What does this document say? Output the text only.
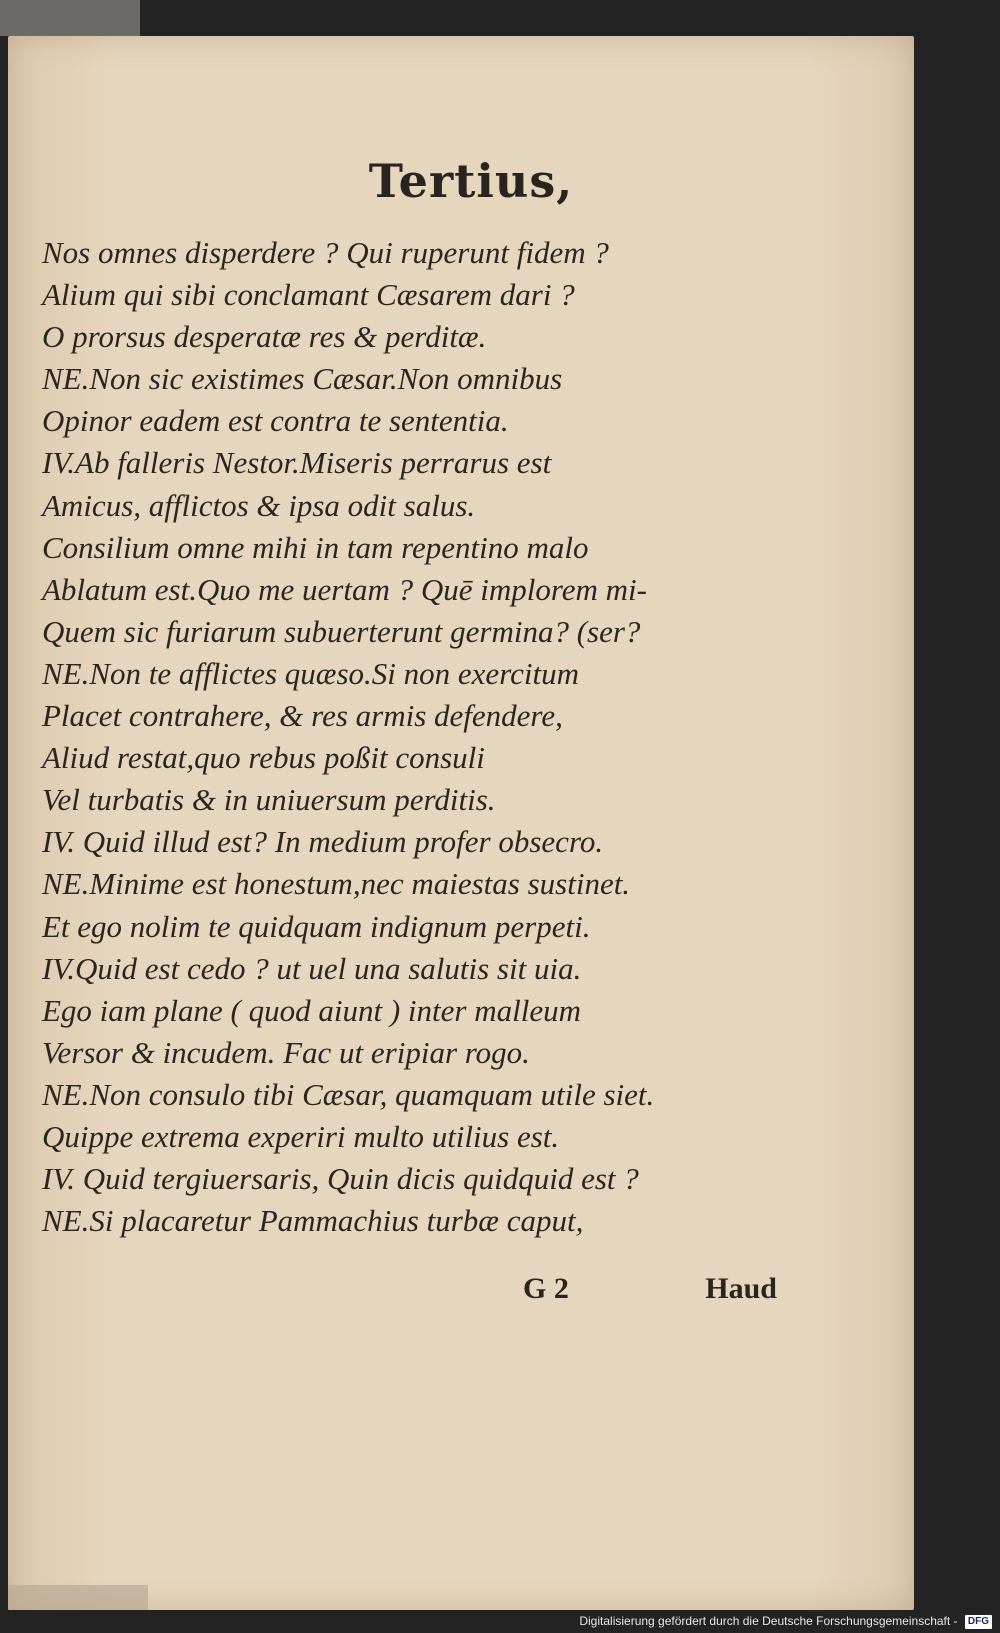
Tertius,
Nos omnes disperdere ? Qui ruperunt fidem ?
Alium qui sibi conclamant Cæsarem dari ?
O prorsus desperatæ res & perditæ.
NE.Non sic existimes Cæsar.Non omnibus
Opinor eadem est contra te sententia.
IV.Ab falleris Nestor.Miseris perrarus est
Amicus, afflictos & ipsa odit salus.
Consilium omne mihi in tam repentino malo
Ablatum est.Quo me uertam ? Quē implorem mi-
Quem sic furiarum subuerterunt germina? (ser?
NE.Non te afflictes quæso.Si non exercitum
Placet contrahere, & res armis defendere,
Aliud restat,quo rebus poßit consuli
Vel turbatis & in uniuersum perditis.
IV. Quid illud est? In medium profer obsecro.
NE.Minime est honestum,nec maiestas sustinet.
Et ego nolim te quidquam indignum perpeti.
IV.Quid est cedo ? ut uel una salutis sit uia.
Ego iam plane ( quod aiunt ) inter malleum
Versor & incudem. Fac ut eripiar rogo.
NE.Non consulo tibi Cæsar, quamquam utile siet.
Quippe extrema experiri multo utilius est.
IV. Quid tergiuersaris, Quin dicis quidquid est ?
NE.Si placaretur Pammachius turbæ caput,
G 2	Haud
Digitalisierung gefördert durch die Deutsche Forschungsgemeinschaft - DFG
